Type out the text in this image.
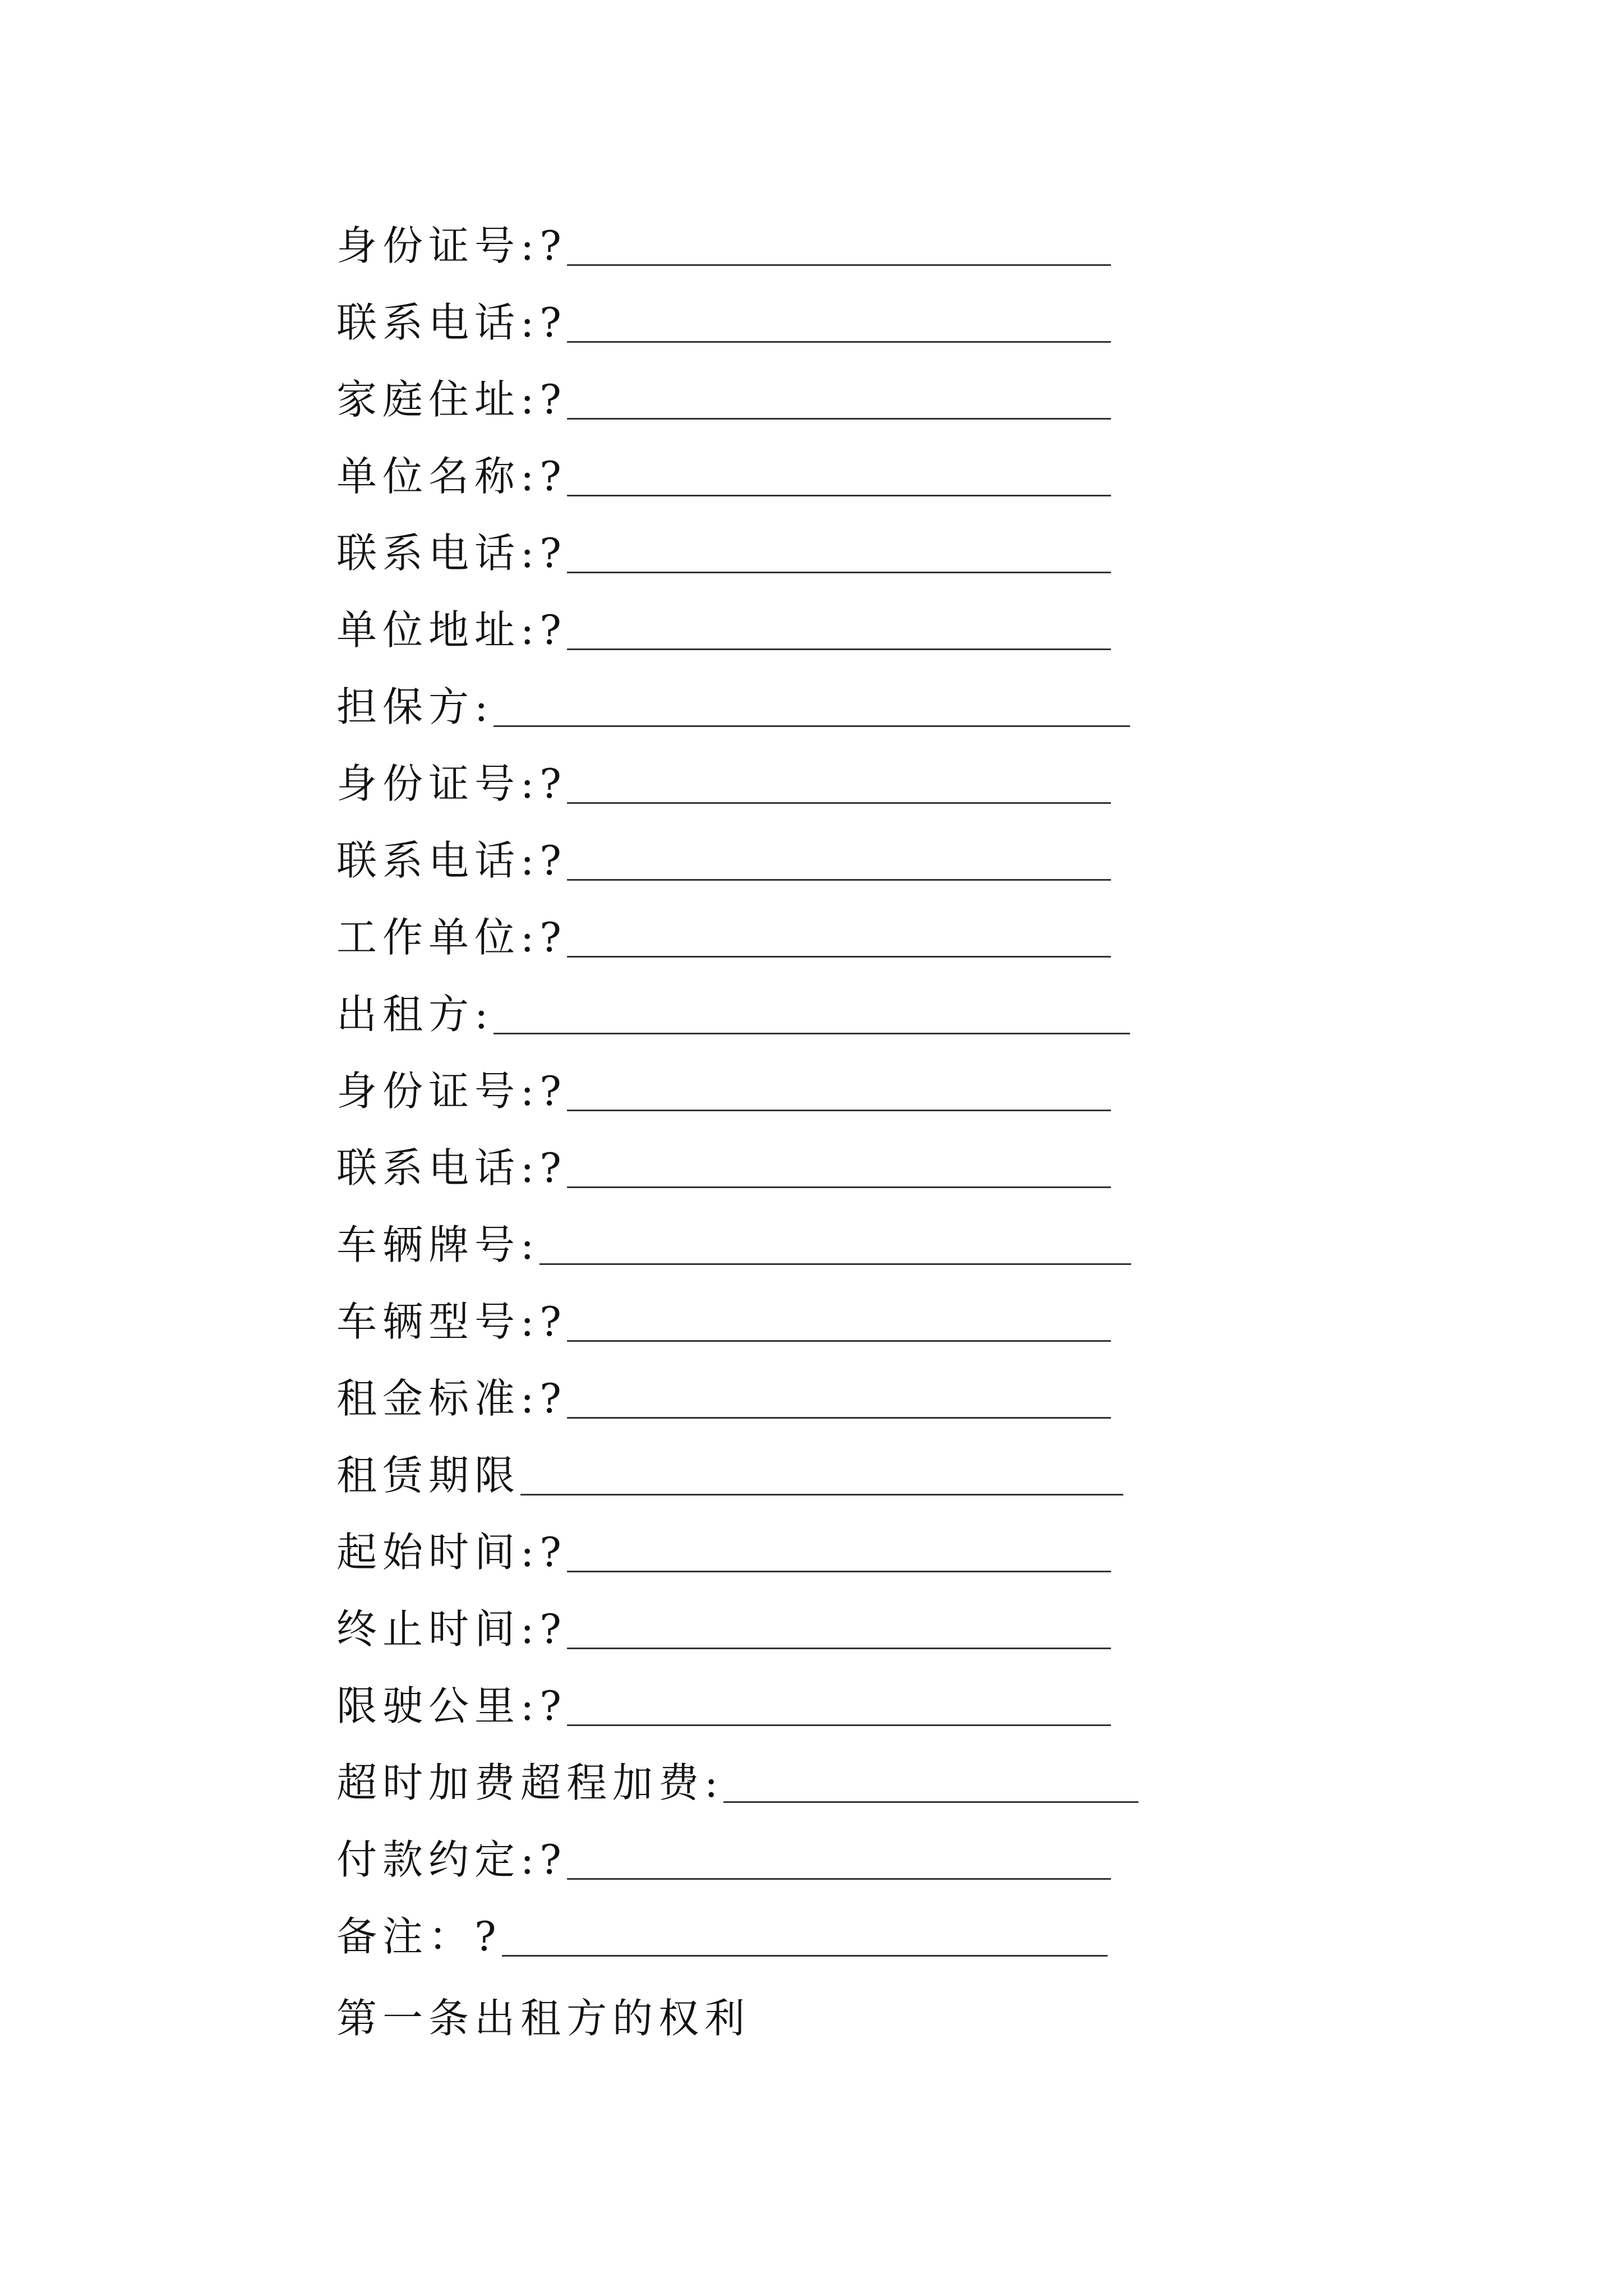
身份证号:?
联系电话:?
家庭住址:?
单位名称:?
联系电话:?
单位地址:?
担保方:
身份证号:?
联系电话:?
工作单位:?
出租方:
身份证号:?
联系电话:?
车辆牌号:
车辆型号:?
租金标准:?
租赁期限
起始时间:?
终止时间:?
限驶公里:?
超时加费超程加费:
付款约定:?
备注：?
第一条出租方的权利
